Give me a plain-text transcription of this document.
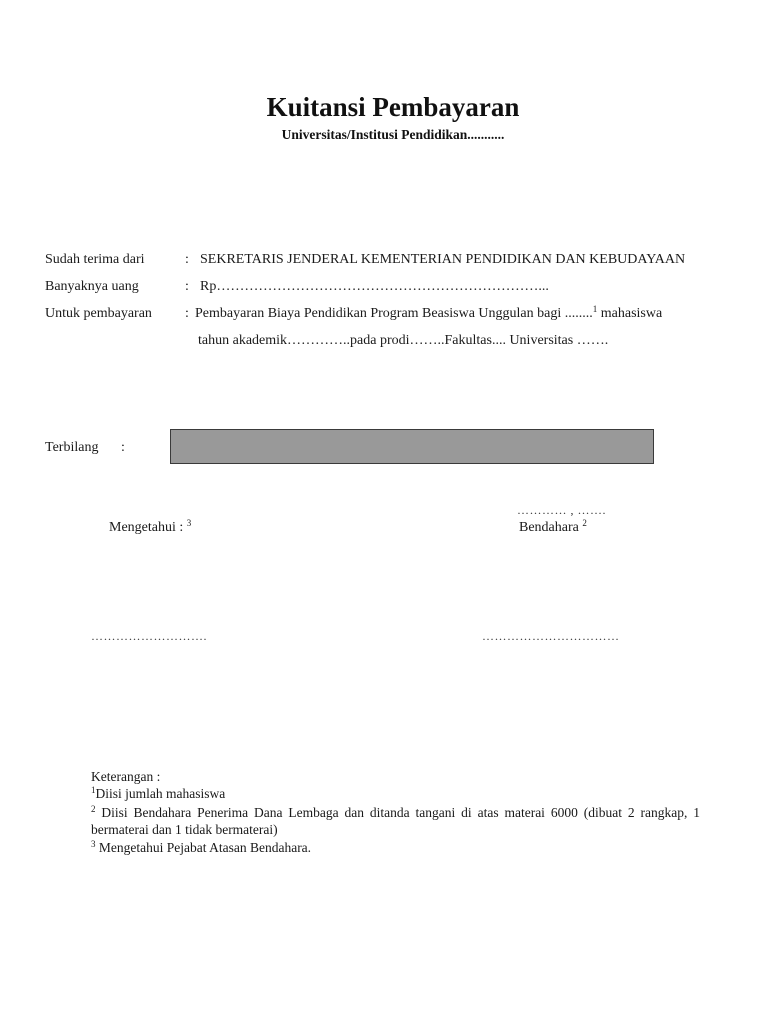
Kuitansi Pembayaran
Universitas/Institusi Pendidikan...........
Sudah terima dari	: SEKRETARIS JENDERAL KEMENTERIAN PENDIDIKAN DAN KEBUDAYAAN
Banyaknya uang	: Rp……………………………………………………………...
Untuk pembayaran : Pembayaran Biaya Pendidikan Program Beasiswa Unggulan bagi ........$^1$ mahasiswa
tahun akademik…………..pada prodi……..Fakultas.... Universitas …….
Terbilang :
………… , …….
Mengetahui : $^3$	Bendahara $^2$
……………………….	……………………………
Keterangan :
$^1$Diisi jumlah mahasiswa
$^2$ Diisi Bendahara Penerima Dana Lembaga dan ditanda tangani di atas materai 6000 (dibuat 2 rangkap, 1 bermaterai dan 1 tidak bermaterai)
$^3$ Mengetahui Pejabat Atasan Bendahara.
